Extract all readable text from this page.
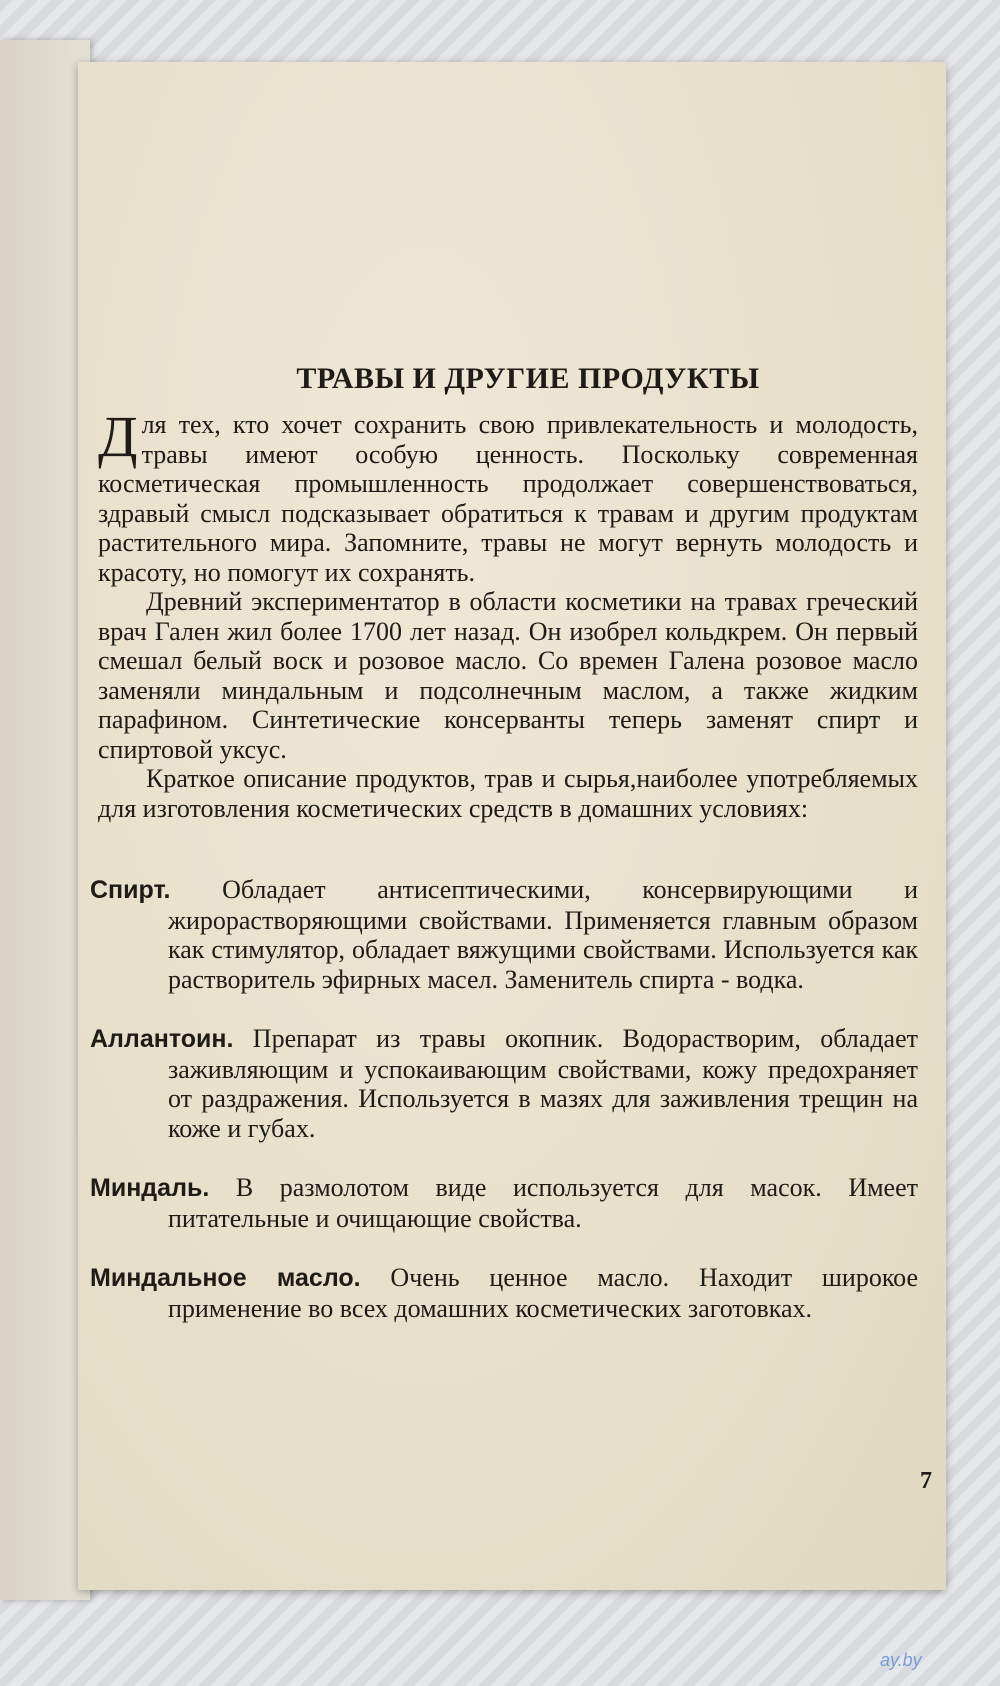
ТРАВЫ И ДРУГИЕ ПРОДУКТЫ

Для тех, кто хочет сохранить свою привлекательность и молодость, травы имеют особую ценность. Поскольку современная косметическая промышленность продолжает совершенствоваться, здравый смысл подсказывает обратиться к травам и другим продуктам растительного мира. Запомните, травы не могут вернуть молодость и красоту, но помогут их сохранять.

Древний экспериментатор в области косметики на травах греческий врач Гален жил более 1700 лет назад. Он изобрел кольдкрем. Он первый смешал белый воск и розовое масло. Со времен Галена розовое масло заменяли миндальным и подсолнечным маслом, а также жидким парафином. Синтетические консерванты теперь заменят спирт и спиртовой уксус.

Краткое описание продуктов, трав и сырья,наиболее употребляемых для изготовления косметических средств в домашних условиях:

Спирт. Обладает антисептическими, консервирующими и жирорастворяющими свойствами. Применяется главным образом как стимулятор, обладает вяжущими свойствами. Используется как растворитель эфирных масел. Заменитель спирта - водка.

Аллантоин. Препарат из травы окопник. Водорастворим, обладает заживляющим и успокаивающим свойствами, кожу предохраняет от раздражения. Используется в мазях для заживления трещин на коже и губах.

Миндаль. В размолотом виде используется для масок. Имеет питательные и очищающие свойства.

Миндальное масло. Очень ценное масло. Находит широкое применение во всех домашних косметических заготовках.

7
ay.by
